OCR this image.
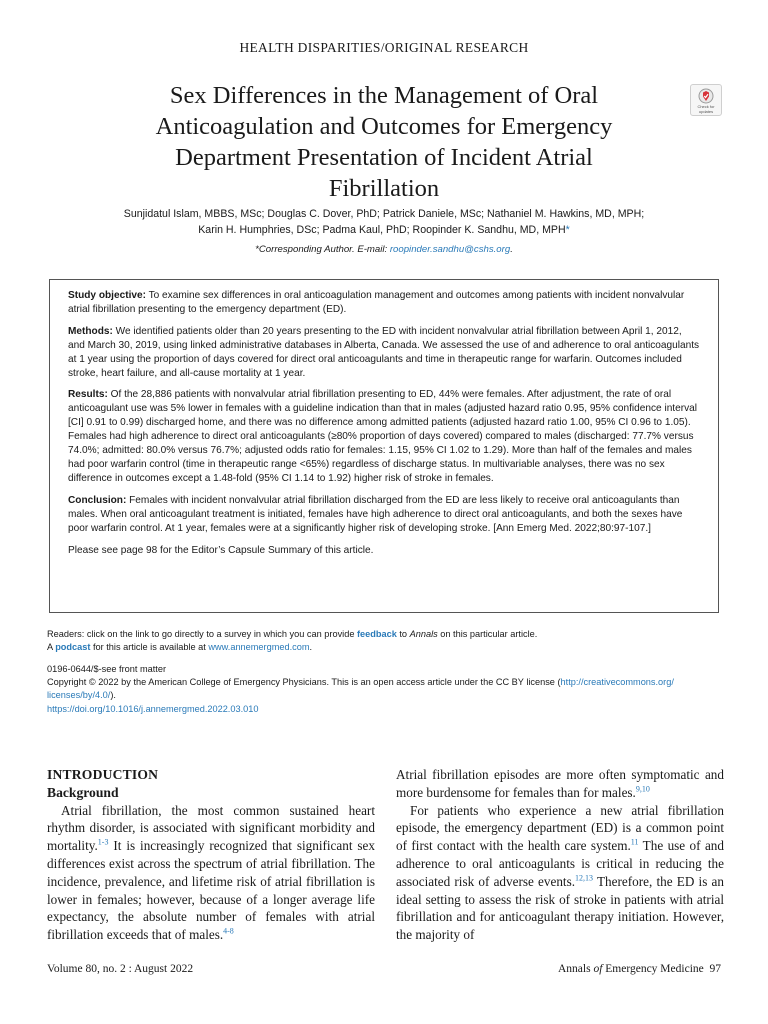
HEALTH DISPARITIES/ORIGINAL RESEARCH
Sex Differences in the Management of Oral Anticoagulation and Outcomes for Emergency Department Presentation of Incident Atrial Fibrillation
Check for
updates
Sunjidatul Islam, MBBS, MSc; Douglas C. Dover, PhD; Patrick Daniele, MSc; Nathaniel M. Hawkins, MD, MPH;
Karin H. Humphries, DSc; Padma Kaul, PhD; Roopinder K. Sandhu, MD, MPH*
*Corresponding Author. E-mail: roopinder.sandhu@cshs.org.

Study objective: To examine sex differences in oral anticoagulation management and outcomes among patients with incident nonvalvular atrial fibrillation presenting to the emergency department (ED).

Methods: We identified patients older than 20 years presenting to the ED with incident nonvalvular atrial fibrillation between April 1, 2012, and March 30, 2019, using linked administrative databases in Alberta, Canada. We assessed the use of and adherence to oral anticoagulants at 1 year using the proportion of days covered for direct oral anticoagulants and time in therapeutic range for warfarin. Outcomes included stroke, heart failure, and all-cause mortality at 1 year.

Results: Of the 28,886 patients with nonvalvular atrial fibrillation presenting to ED, 44% were females. After adjustment, the rate of oral anticoagulant use was 5% lower in females with a guideline indication than that in males (adjusted hazard ratio 0.95, 95% confidence interval [CI] 0.91 to 0.99) discharged home, and there was no difference among admitted patients (adjusted hazard ratio 1.00, 95% CI 0.96 to 1.05). Females had high adherence to direct oral anticoagulants (≥80% proportion of days covered) compared to males (discharged: 77.7% versus 74.0%; admitted: 80.0% versus 76.7%; adjusted odds ratio for females: 1.15, 95% CI 1.02 to 1.29). More than half of the females and males had poor warfarin control (time in therapeutic range <65%) regardless of discharge status. In multivariable analyses, there was no sex difference in outcomes except a 1.48-fold (95% CI 1.14 to 1.92) higher risk of stroke in females.

Conclusion: Females with incident nonvalvular atrial fibrillation discharged from the ED are less likely to receive oral anticoagulants than males. When oral anticoagulant treatment is initiated, females have high adherence to direct oral anticoagulants, and both the sexes have poor warfarin control. At 1 year, females were at a significantly higher risk of developing stroke. [Ann Emerg Med. 2022;80:97-107.]

Please see page 98 for the Editor’s Capsule Summary of this article.

Readers: click on the link to go directly to a survey in which you can provide feedback to Annals on this particular article.
A podcast for this article is available at www.annemergmed.com.
0196-0644/$-see front matter
Copyright © 2022 by the American College of Emergency Physicians. This is an open access article under the CC BY license (http://creativecommons.org/
licenses/by/4.0/).
https://doi.org/10.1016/j.annemergmed.2022.03.010
INTRODUCTION
Background

Atrial fibrillation, the most common sustained heart rhythm disorder, is associated with significant morbidity and mortality.$^{1-3}$ It is increasingly recognized that significant sex differences exist across the spectrum of atrial fibrillation. The incidence, prevalence, and lifetime risk of atrial fibrillation is lower in females; however, because of a longer average life expectancy, the absolute number of females with atrial fibrillation exceeds that of males.$^{4-8}$

Atrial fibrillation episodes are more often symptomatic and more burdensome for females than for males.$^{9,10}$

For patients who experience a new atrial fibrillation episode, the emergency department (ED) is a common point of first contact with the health care system.$^{11}$ The use of and adherence to oral anticoagulants is critical in reducing the associated risk of adverse events.$^{12,13}$ Therefore, the ED is an ideal setting to assess the risk of stroke in patients with atrial fibrillation and for anticoagulant therapy initiation. However, the majority of

Volume 80, no. 2 : August 2022	Annals of Emergency Medicine 97
